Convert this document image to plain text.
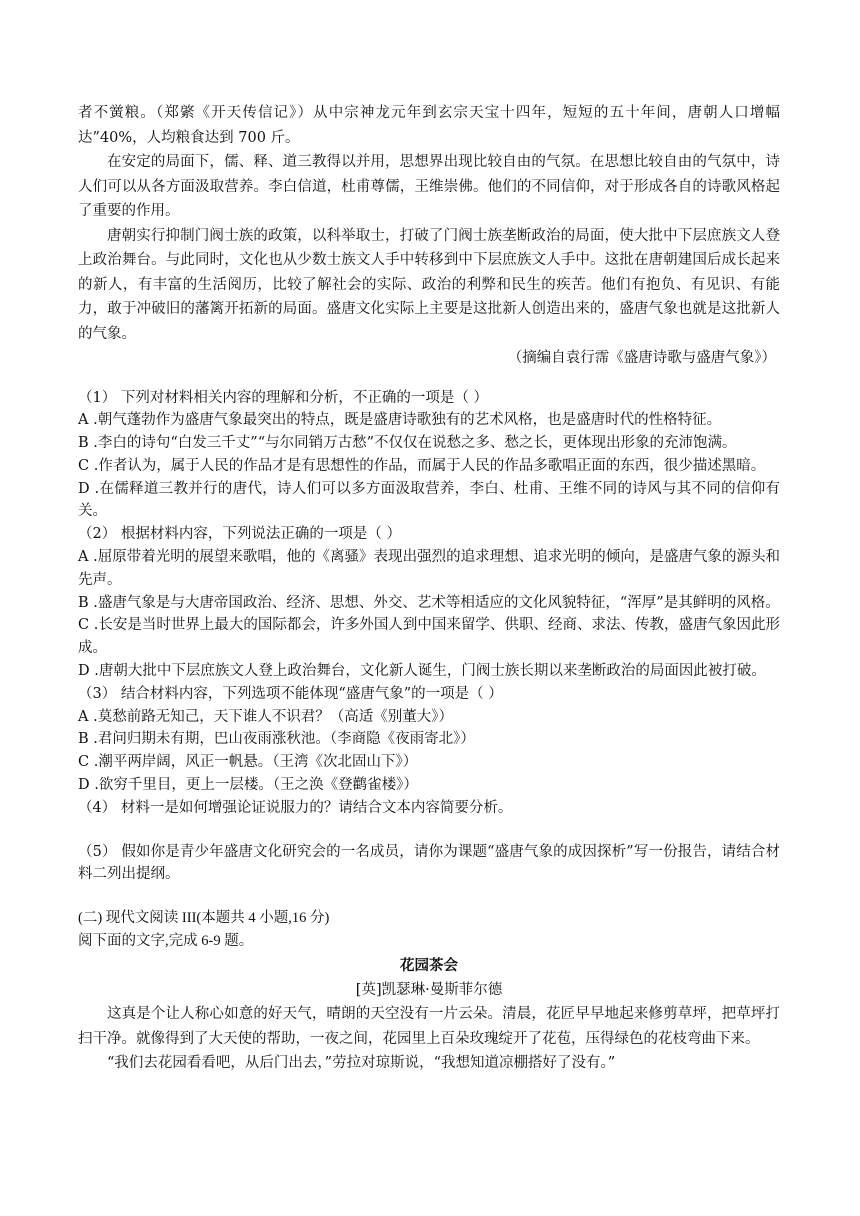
者不黉粮。（郑綮《开天传信记》）从中宗神龙元年到玄宗天宝十四年，短短的五十年间，唐朝人口增幅达”40%，人均粮食达到 700 斤。

在安定的局面下，儒、释、道三教得以并用，思想界出现比较自由的气氛。在思想比较自由的气氛中，诗人们可以从各方面汲取营养。李白信道，杜甫尊儒，王维崇佛。他们的不同信仰，对于形成各自的诗歌风格起了重要的作用。

唐朝实行抑制门阀士族的政策，以科举取士，打破了门阀士族垄断政治的局面，使大批中下层庶族文人登上政治舞台。与此同时，文化也从少数士族文人手中转移到中下层庶族文人手中。这批在唐朝建国后成长起来的新人，有丰富的生活阅历，比较了解社会的实际、政治的利弊和民生的疾苦。他们有抱负、有见识、有能力，敢于冲破旧的藩篱开拓新的局面。盛唐文化实际上主要是这批新人创造出来的，盛唐气象也就是这批新人的气象。

（摘编自袁行霈《盛唐诗歌与盛唐气象》）

（1） 下列对材料相关内容的理解和分析，不正确的一项是（ ）

A .朝气蓬勃作为盛唐气象最突出的特点，既是盛唐诗歌独有的艺术风格，也是盛唐时代的性格特征。

B .李白的诗句“白发三千丈”“与尔同销万古愁”不仅仅在说愁之多、愁之长，更体现出形象的充沛饱满。

C .作者认为，属于人民的作品才是有思想性的作品，而属于人民的作品多歌唱正面的东西，很少描述黑暗。

D .在儒释道三教并行的唐代，诗人们可以多方面汲取营养，李白、杜甫、王维不同的诗风与其不同的信仰有关。

（2） 根据材料内容，下列说法正确的一项是（ ）

A .屈原带着光明的展望来歌唱，他的《离骚》表现出强烈的追求理想、追求光明的倾向，是盛唐气象的源头和先声。

B .盛唐气象是与大唐帝国政治、经济、思想、外交、艺术等相适应的文化风貌特征，“浑厚”是其鲜明的风格。

C .长安是当时世界上最大的国际都会，许多外国人到中国来留学、供职、经商、求法、传教，盛唐气象因此形成。

D .唐朝大批中下层庶族文人登上政治舞台，文化新人诞生，门阀士族长期以来垄断政治的局面因此被打破。

（3） 结合材料内容，下列选项不能体现“盛唐气象”的一项是（ ）

A .莫愁前路无知己，天下谁人不识君？（高适《别董大》）

B .君问归期未有期，巴山夜雨涨秋池。（李商隐《夜雨寄北》）

C .潮平两岸阔，风正一帆悬。（王湾《次北固山下》）

D .欲穷千里目，更上一层楼。（王之涣《登鹳雀楼》）

（4） 材料一是如何增强论证说服力的？请结合文本内容简要分析。

（5） 假如你是青少年盛唐文化研究会的一名成员，请你为课题“盛唐气象的成因探析”写一份报告，请结合材料二列出提纲。

(二) 现代文阅读 III(本题共 4 小题,16 分)

阅下面的文字,完成 6-9 题。

花园茶会

[英]凯瑟琳·曼斯菲尔德

这真是个让人称心如意的好天气，晴朗的天空没有一片云朵。清晨，花匠早早地起来修剪草坪，把草坪打扫干净。就像得到了大天使的帮助，一夜之间，花园里上百朵玫瑰绽开了花苞，压得绿色的花枝弯曲下来。

“我们去花园看看吧，从后门出去，”劳拉对琼斯说，“我想知道凉棚搭好了没有。”
